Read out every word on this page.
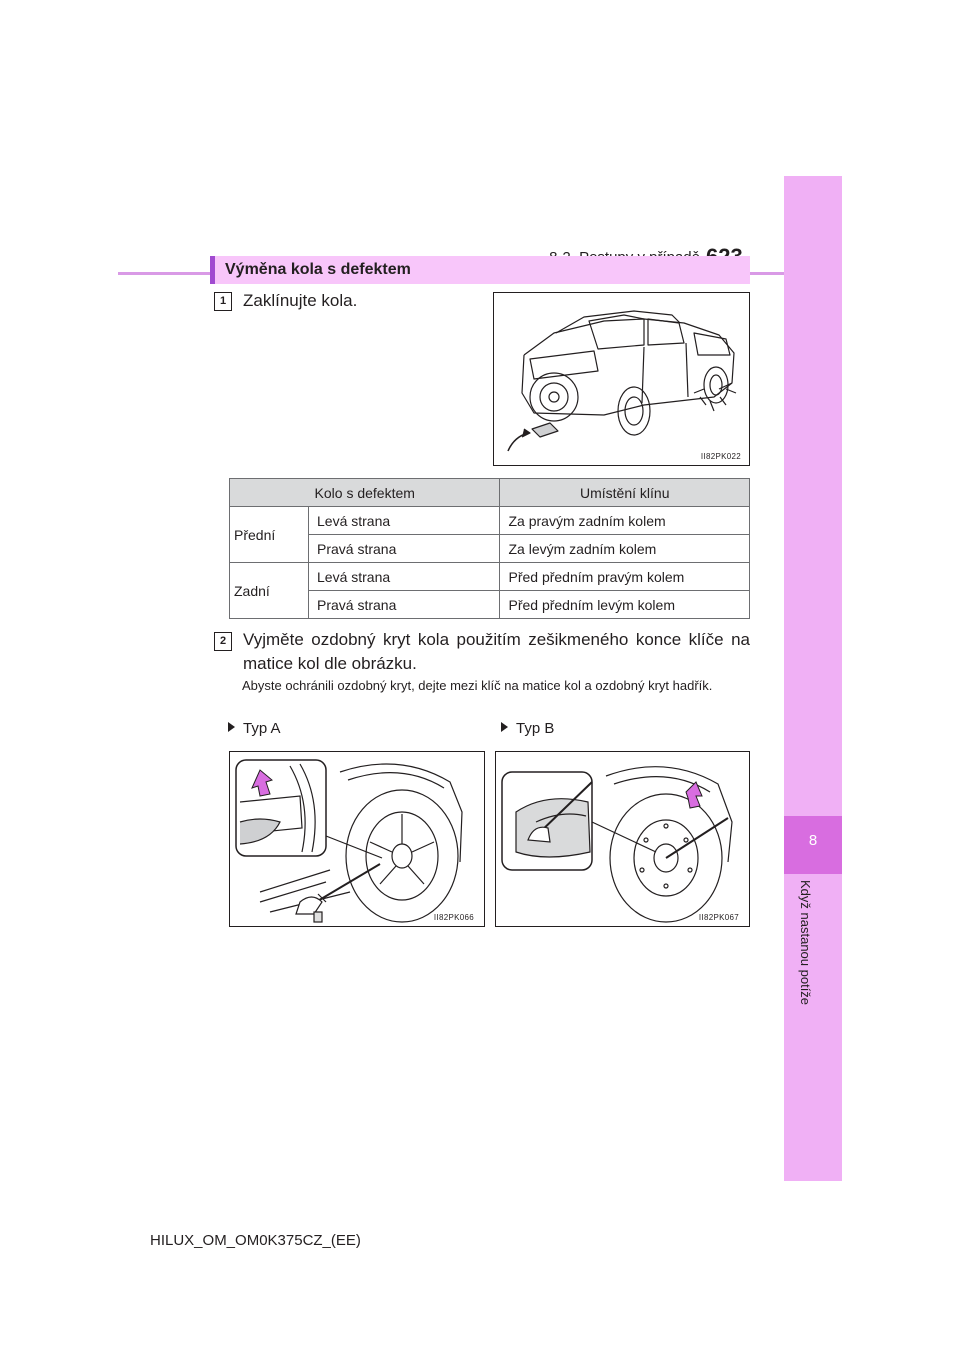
8
Když nastanou potíže
Výměna kola s defektem
1 Zaklínujte kola.
II82PK022
Kolo s defektem		Umístění klínu
Přední	Levá strana	Za pravým zadním kolem
	Pravá strana	Za levým zadním kolem
Zadní	Levá strana	Před předním pravým kolem
	Pravá strana	Před předním levým kolem
2 Vyjměte ozdobný kryt kola použitím zešikmeného konce klíče na matice kol dle obrázku.
Abyste ochránili ozdobný kryt, dejte mezi klíč na matice kol a ozdobný kryt hadřík.
Typ A	Typ B
II82PK066	II82PK067
HILUX_OM_OM0K375CZ_(EE)
